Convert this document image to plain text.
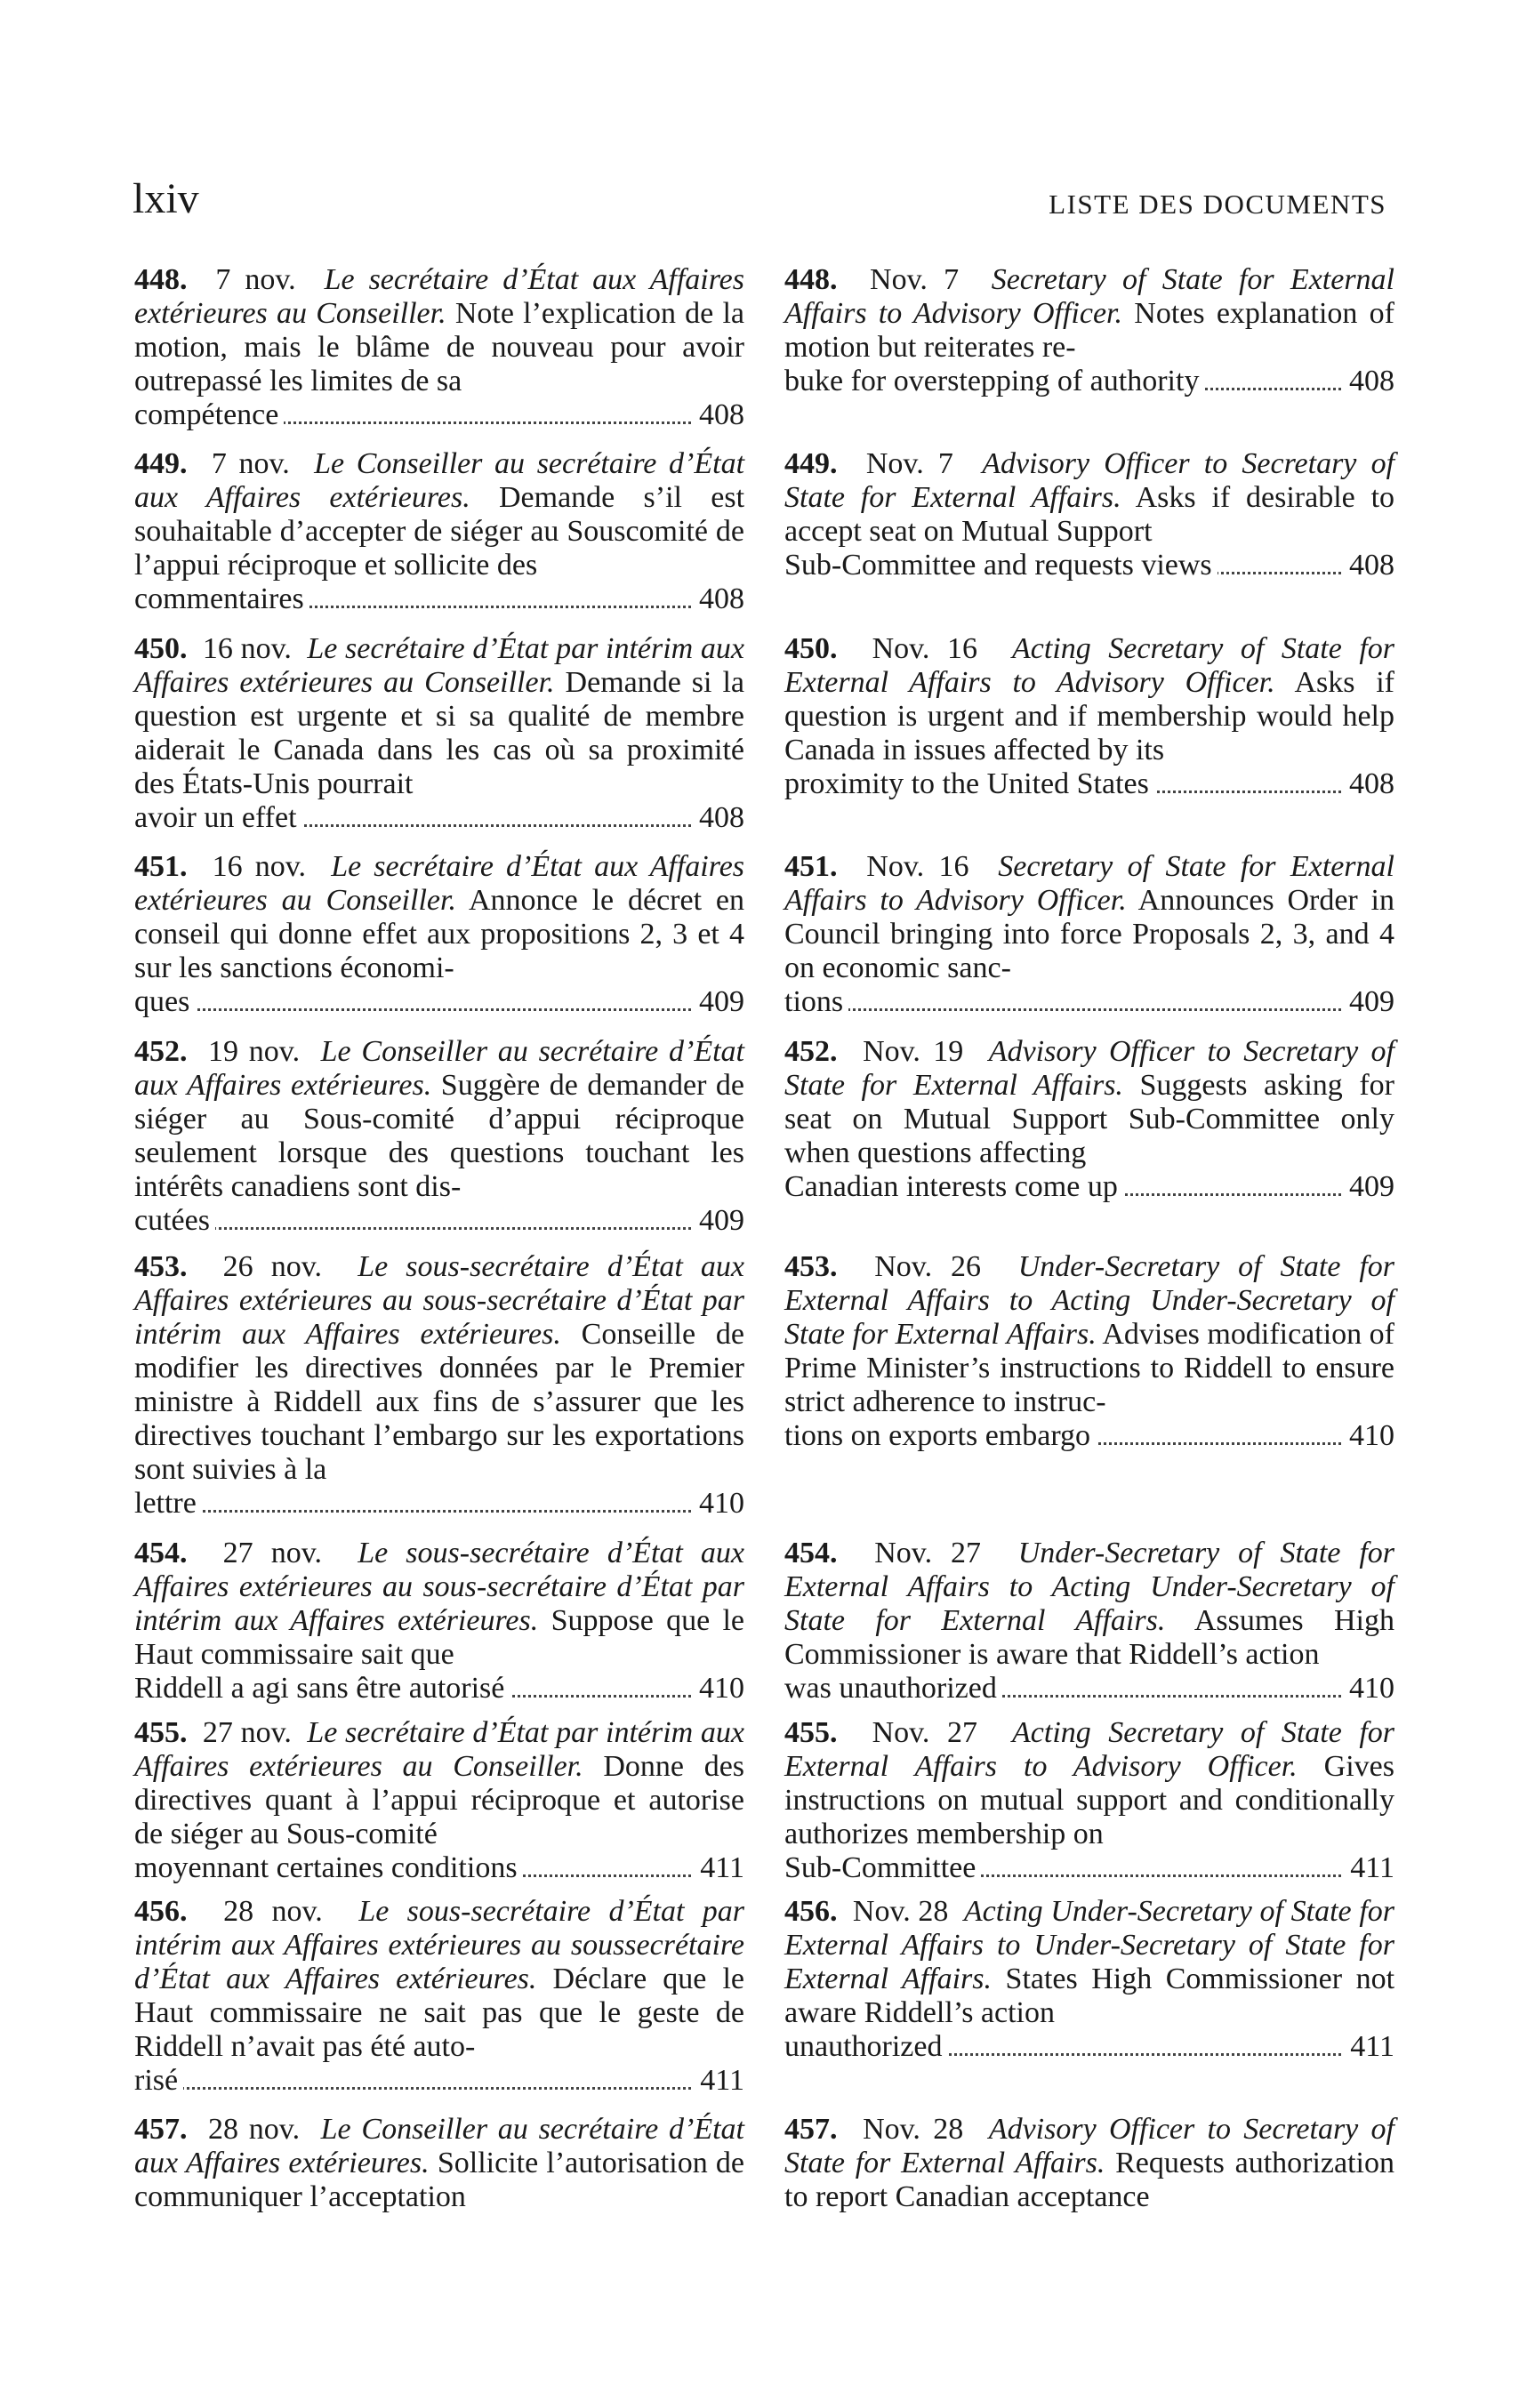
lxiv	LISTE DES DOCUMENTS
448. 7 nov. Le secrétaire d’État aux Affaires extérieures au Conseiller. Note l’explication de la motion, mais le blâme de nouveau pour avoir outrepassé les limites de sa
compétence	408
449. 7 nov. Le Conseiller au secrétaire d’État aux Affaires extérieures. Demande s’il est souhaitable d’accepter de siéger au Souscomité de l’appui réciproque et sollicite des
commentaires	408
450. 16 nov. Le secrétaire d’État par intérim aux Affaires extérieures au Conseiller. Demande si la question est urgente et si sa qualité de membre aiderait le Canada dans les cas où sa proximité des États-Unis pourrait
avoir un effet	408
451. 16 nov. Le secrétaire d’État aux Affaires extérieures au Conseiller. Annonce le décret en conseil qui donne effet aux propositions 2, 3 et 4 sur les sanctions économi-
ques	409
452. 19 nov. Le Conseiller au secrétaire d’État aux Affaires extérieures. Suggère de demander de siéger au Sous-comité d’appui réciproque seulement lorsque des questions touchant les intérêts canadiens sont dis-
cutées	409
453. 26 nov. Le sous-secrétaire d’État aux Affaires extérieures au sous-secrétaire d’État par intérim aux Affaires extérieures. Conseille de modifier les directives données par le Premier ministre à Riddell aux fins de s’assurer que les directives touchant l’embargo sur les exportations sont suivies à la
lettre	410
454. 27 nov. Le sous-secrétaire d’État aux Affaires extérieures au sous-secrétaire d’État par intérim aux Affaires extérieures. Suppose que le Haut commissaire sait que
Riddell a agi sans être autorisé	410
455. 27 nov. Le secrétaire d’État par intérim aux Affaires extérieures au Conseiller. Donne des directives quant à l’appui réciproque et autorise de siéger au Sous-comité
moyennant certaines conditions	411
456. 28 nov. Le sous-secrétaire d’État par intérim aux Affaires extérieures au soussecrétaire d’État aux Affaires extérieures. Déclare que le Haut commissaire ne sait pas que le geste de Riddell n’avait pas été auto-
risé	411
457. 28 nov. Le Conseiller au secrétaire d’État aux Affaires extérieures. Sollicite l’autorisation de communiquer l’acceptation
448. Nov. 7 Secretary of State for External Affairs to Advisory Officer. Notes explanation of motion but reiterates re-
buke for overstepping of authority	408
449. Nov. 7 Advisory Officer to Secretary of State for External Affairs. Asks if desirable to accept seat on Mutual Support
Sub-Committee and requests views	408
450. Nov. 16 Acting Secretary of State for External Affairs to Advisory Officer. Asks if question is urgent and if membership would help Canada in issues affected by its
proximity to the United States	408
451. Nov. 16 Secretary of State for External Affairs to Advisory Officer. Announces Order in Council bringing into force Proposals 2, 3, and 4 on economic sanc-
tions	409
452. Nov. 19 Advisory Officer to Secretary of State for External Affairs. Suggests asking for seat on Mutual Support Sub-Committee only when questions affecting
Canadian interests come up	409
453. Nov. 26 Under-Secretary of State for External Affairs to Acting Under-Secretary of State for External Affairs. Advises modification of Prime Minister’s instructions to Riddell to ensure strict adherence to instruc-
tions on exports embargo	410
454. Nov. 27 Under-Secretary of State for External Affairs to Acting Under-Secretary of State for External Affairs. Assumes High Commissioner is aware that Riddell’s action
was unauthorized	410
455. Nov. 27 Acting Secretary of State for External Affairs to Advisory Officer. Gives instructions on mutual support and conditionally authorizes membership on
Sub-Committee	411
456. Nov. 28 Acting Under-Secretary of State for External Affairs to Under-Secretary of State for External Affairs. States High Commissioner not aware Riddell’s action
unauthorized	411
457. Nov. 28 Advisory Officer to Secretary of State for External Affairs. Requests authorization to report Canadian acceptance
